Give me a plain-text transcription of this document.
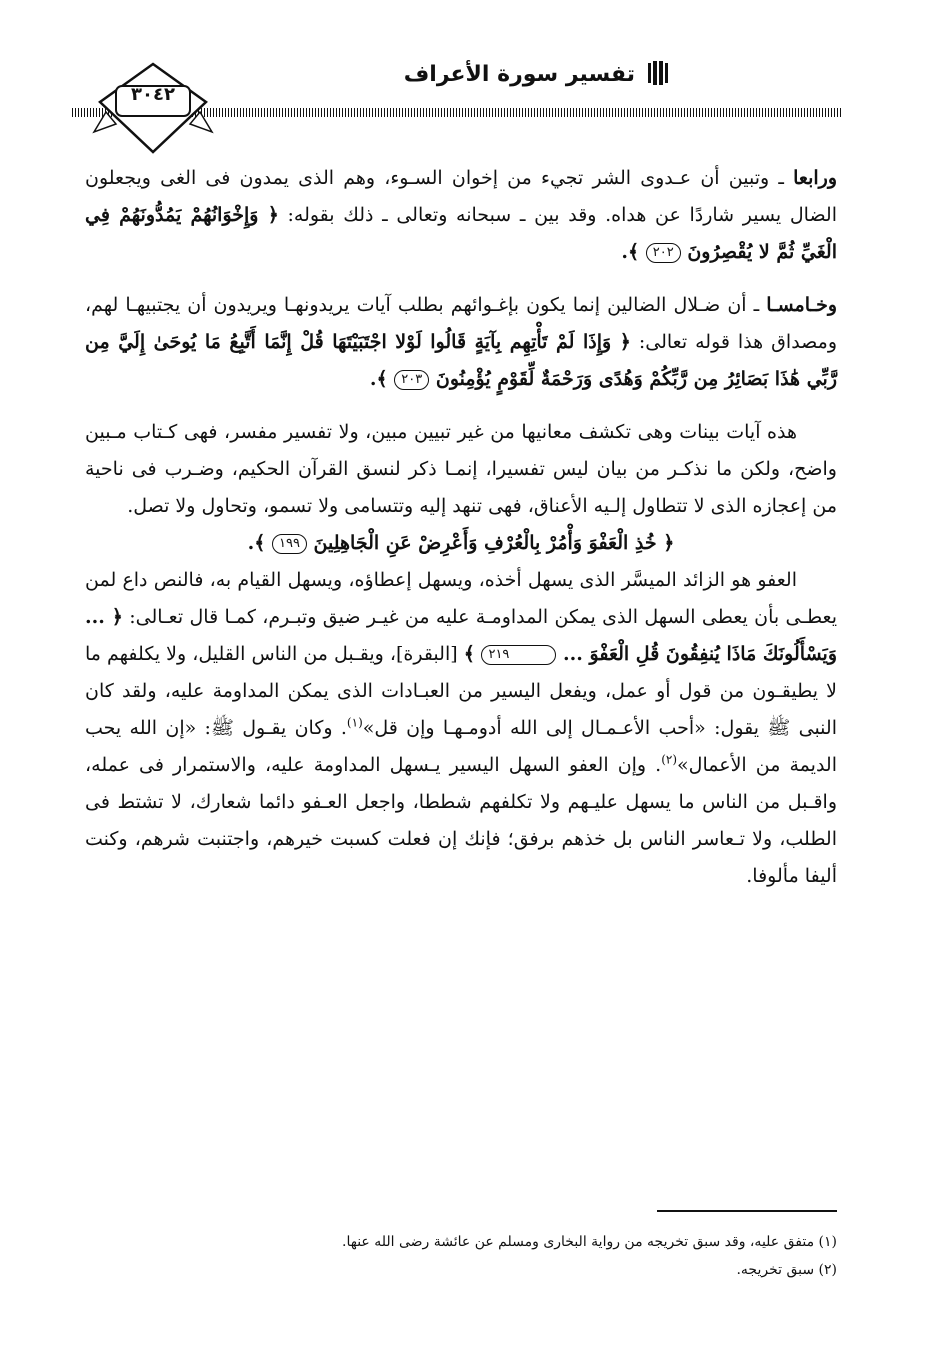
تفسير سورة الأعراف
٣٠٤٢

ورابعا ـ وتبين أن عـدوى الشر تجيء من إخوان السـوء، وهم الذى يمدون فى الغى ويجعلون الضال يسير شاردًا عن هداه. وقد بين ـ سبحانه وتعالى ـ ذلك بقوله: ﴿ وَإِخْوَانُهُمْ يَمُدُّونَهُمْ فِي الْغَيِّ ثُمَّ لا يُقْصِرُونَ ٢٠٢ ﴾.

وخـامسـا ـ أن ضـلال الضالين إنما يكون بإغـوائهم بطلب آيات يريدونهـا ويريدون أن يجتبيهـا لهم، ومصداق هذا قوله تعالى: ﴿ وَإِذَا لَمْ تَأْتِهِم بِآيَةٍ قَالُوا لَوْلا اجْتَبَيْتَهَا قُلْ إِنَّمَا أَتَّبِعُ مَا يُوحَىٰ إِلَيَّ مِن رَّبِّي هَٰذَا بَصَائِرُ مِن رَّبِّكُمْ وَهُدًى وَرَحْمَةٌ لِّقَوْمٍ يُؤْمِنُونَ ٢٠٣ ﴾.

هذه آيات بينات وهى تكشف معانيها من غير تبيين مبين، ولا تفسير مفسر، فهى كـتاب مـبين واضح، ولكن ما نذكـر من بيان ليس تفسيرا، إنمـا ذكر لنسق القرآن الحكيم، وضـرب فى ناحية من إعجازه الذى لا تتطاول إلـيه الأعناق، فهى تنهد إليه وتتسامى ولا تسمو، وتحاول ولا تصل.

﴿ خُذِ الْعَفْوَ وَأْمُرْ بِالْعُرْفِ وَأَعْرِضْ عَنِ الْجَاهِلِينَ ١٩٩ ﴾.

العفو هو الزائد الميسَّر الذى يسهل أخذه، ويسهل إعطاؤه، ويسهل القيام به، فالنص داع لمن يعطـى بأن يعطى السهل الذى يمكن المداومـة عليه من غيـر ضيق وتبـرم، كمـا قال تعـالى: ﴿ ... وَيَسْأَلُونَكَ مَاذَا يُنفِقُونَ قُلِ الْعَفْوَ ... ٢١٩ ﴾ [البقرة]، ويقـبل من الناس القليل، ولا يكلفهم ما لا يطيقـون من قول أو عمل، ويفعل اليسير من العبـادات الذى يمكن المداومة عليه، ولقد كان النبى ﷺ يقول: «أحب الأعـمـال إلى الله أدومـهـا وإن قل»$^{(١)}$. وكان يقـول ﷺ: «إن الله يحب الديمة من الأعمال»$^{(٢)}$. وإن العفو السهل اليسير يـسهل المداومة عليه، والاستمرار فى عمله، واقـبل من الناس ما يسهل عليـهم ولا تكلفهم شططا، واجعل العـفو دائما شعارك، لا تشتط فى الطلب، ولا تـعاسر الناس بل خذهم برفق؛ فإنك إن فعلت كسبت خيرهم، واجتنبت شرهم، وكنت أليفا مألوفا.

(١) متفق عليه، وقد سبق تخريجه من رواية البخارى ومسلم عن عائشة رضى الله عنها.

(٢) سبق تخريجه.
